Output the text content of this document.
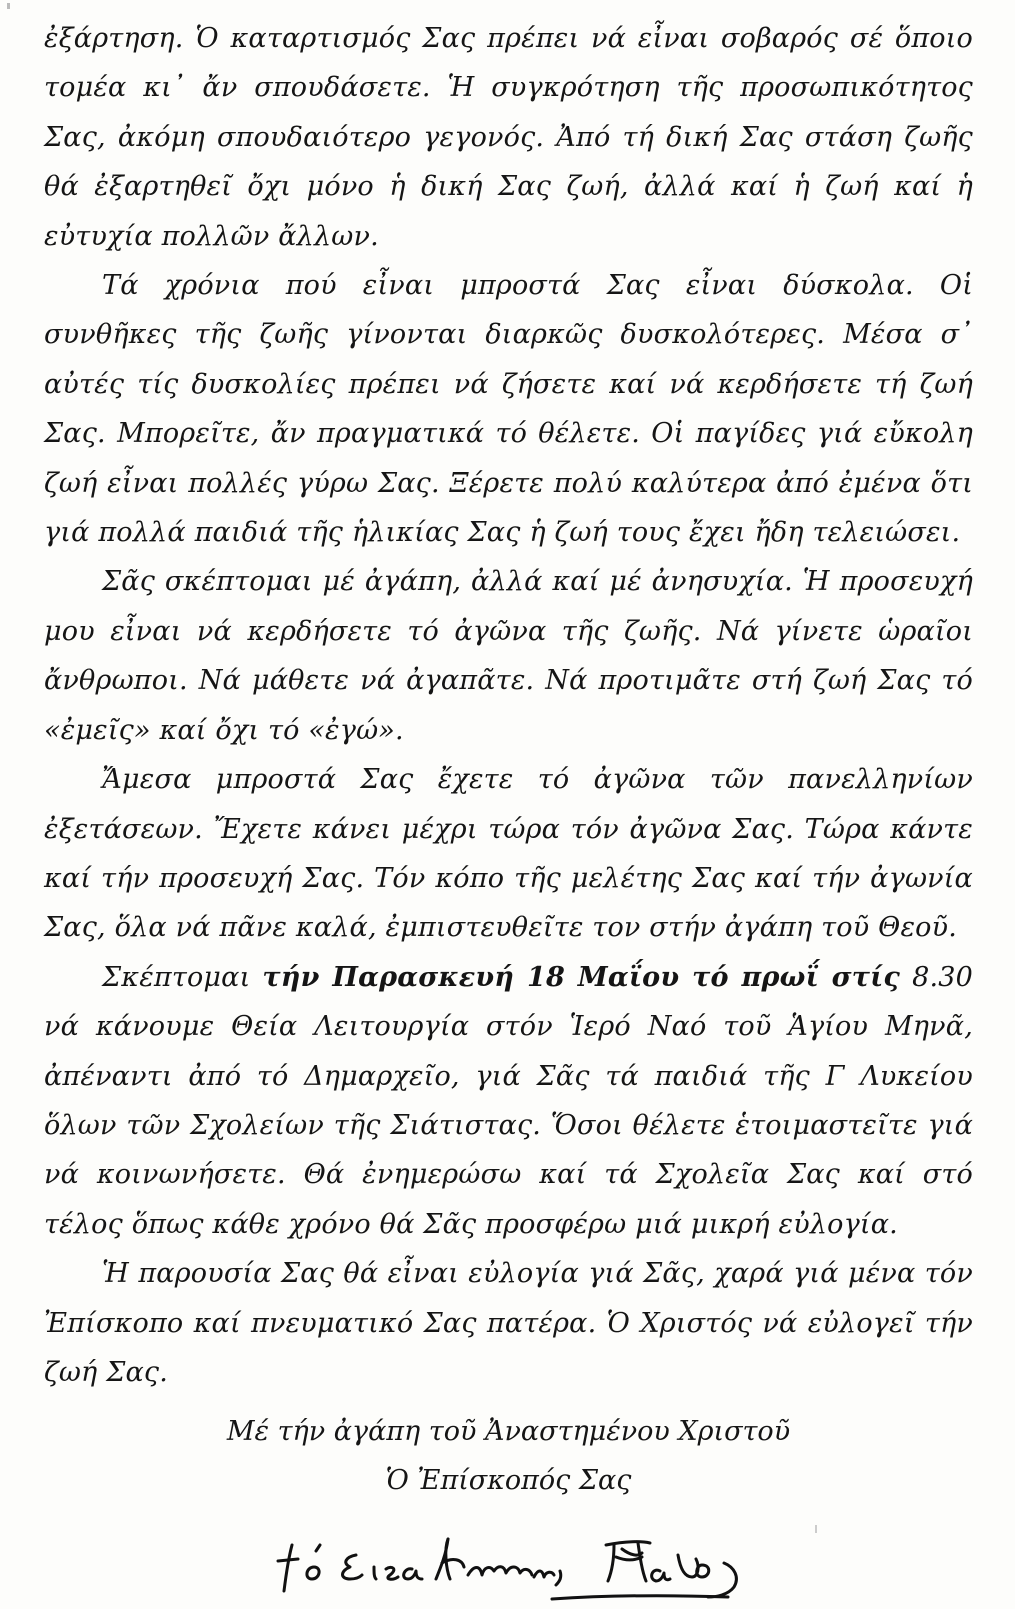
ἐξάρτηση. Ὁ καταρτισμός Σας πρέπει νά εἶναι σοβαρός σέ ὅποιο τομέα κι᾽ ἄν σπουδάσετε. Ἡ συγκρότηση τῆς προσωπικότητος Σας, ἀκόμη σπουδαιότερο γεγονός. Ἀπό τή δική Σας στάση ζωῆς θά ἐξαρτηθεῖ ὄχι μόνο ἡ δική Σας ζωή, ἀλλά καί ἡ ζωή καί ἡ εὐτυχία πολλῶν ἄλλων.

Τά χρόνια πού εἶναι μπροστά Σας εἶναι δύσκολα. Οἱ συνθῆκες τῆς ζωῆς γίνονται διαρκῶς δυσκολότερες. Μέσα σ᾽ αὐτές τίς δυσκολίες πρέπει νά ζήσετε καί νά κερδήσετε τή ζωή Σας. Μπορεῖτε, ἄν πραγματικά τό θέλετε. Οἱ παγίδες γιά εὔκολη ζωή εἶναι πολλές γύρω Σας. Ξέρετε πολύ καλύτερα ἀπό ἐμένα ὅτι γιά πολλά παιδιά τῆς ἡλικίας Σας ἡ ζωή τους ἔχει ἤδη τελειώσει.

Σᾶς σκέπτομαι μέ ἀγάπη, ἀλλά καί μέ ἀνησυχία. Ἡ προσευχή μου εἶναι νά κερδήσετε τό ἀγῶνα τῆς ζωῆς. Νά γίνετε ὡραῖοι ἄνθρωποι. Νά μάθετε νά ἀγαπᾶτε. Νά προτιμᾶτε στή ζωή Σας τό «ἐμεῖς» καί ὄχι τό «ἐγώ».

Ἄμεσα μπροστά Σας ἔχετε τό ἀγῶνα τῶν πανελληνίων ἐξετάσεων. Ἔχετε κάνει μέχρι τώρα τόν ἀγῶνα Σας. Τώρα κάντε καί τήν προσευχή Σας. Τόν κόπο τῆς μελέτης Σας καί τήν ἀγωνία Σας, ὅλα νά πᾶνε καλά, ἐμπιστευθεῖτε τον στήν ἀγάπη τοῦ Θεοῦ.

Σκέπτομαι τήν Παρασκευή 18 Μαΐου τό πρωΐ στίς 8.30 νά κάνουμε Θεία Λειτουργία στόν Ἱερό Ναό τοῦ Ἁγίου Μηνᾶ, ἀπέναντι ἀπό τό Δημαρχεῖο, γιά Σᾶς τά παιδιά τῆς Γ Λυκείου ὅλων τῶν Σχολείων τῆς Σιάτιστας. Ὅσοι θέλετε ἑτοιμαστεῖτε γιά νά κοινωνήσετε. Θά ἐνημερώσω καί τά Σχολεῖα Σας καί στό τέλος ὅπως κάθε χρόνο θά Σᾶς προσφέρω μιά μικρή εὐλογία.

Ἡ παρουσία Σας θά εἶναι εὐλογία γιά Σᾶς, χαρά γιά μένα τόν Ἐπίσκοπο καί πνευματικό Σας πατέρα. Ὁ Χριστός νά εὐλογεῖ τήν ζωή Σας.

Μέ τήν ἀγάπη τοῦ Ἀναστημένου Χριστοῦ

Ὁ Ἐπίσκοπός Σας
